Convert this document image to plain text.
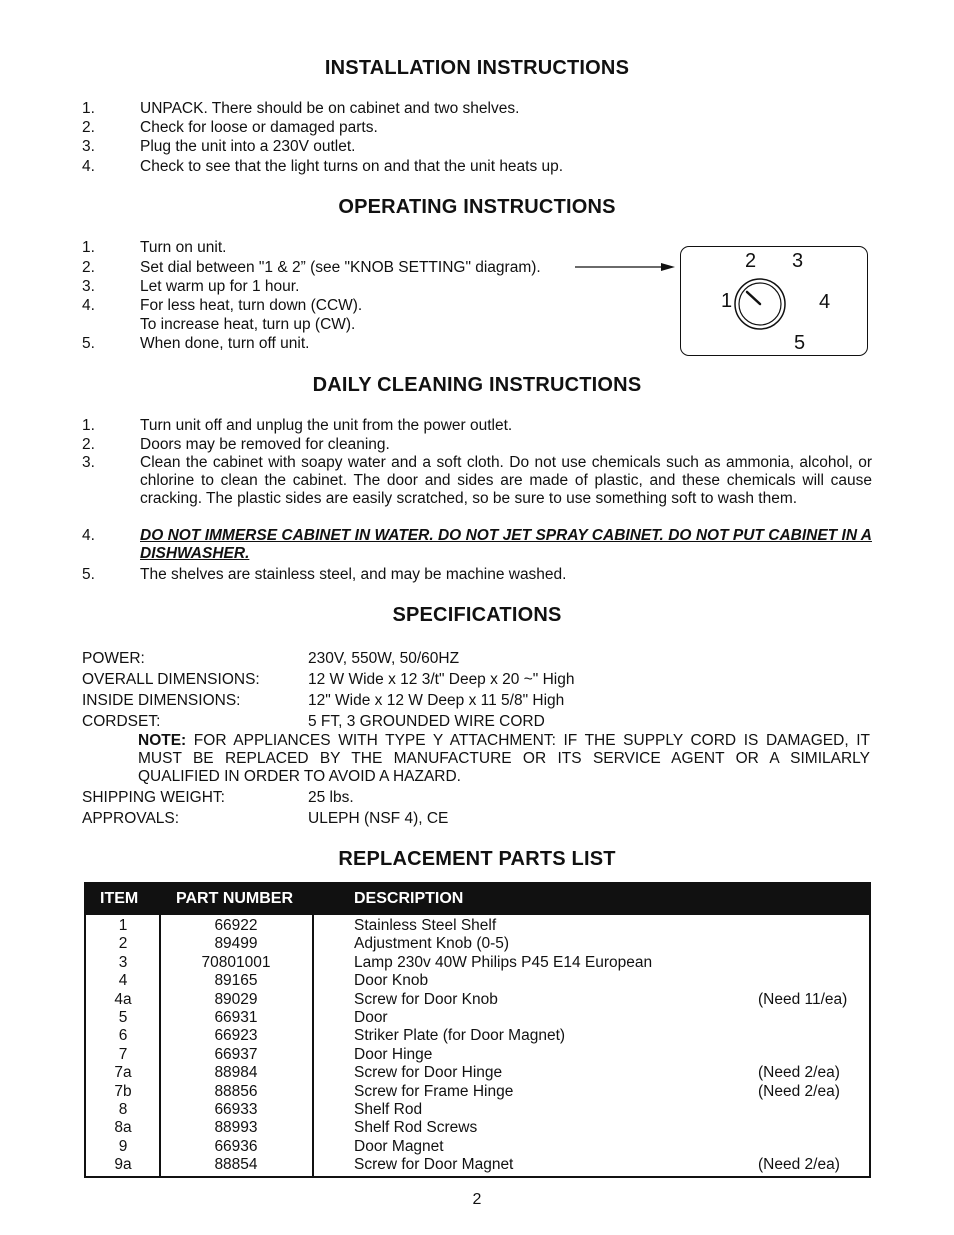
INSTALLATION INSTRUCTIONS
1.	UNPACK. There should be on cabinet and two shelves.
2.	Check for loose or damaged parts.
3.	Plug the unit into a 230V outlet.
4.	Check to see that the light turns on and that the unit heats up.
OPERATING INSTRUCTIONS
1.	Turn on unit.
2.	Set dial between "1 & 2” (see "KNOB SETTING" diagram).
3.	Let warm up for 1 hour.
4.	For less heat, turn down (CCW).
To increase heat, turn up (CW).
5.	When done, turn off unit.
2 3
1	4
5
DAILY CLEANING INSTRUCTIONS
1.	Turn unit off and unplug the unit from the power outlet.
2.	Doors may be removed for cleaning.
3.	Clean the cabinet with soapy water and a soft cloth. Do not use chemicals such as ammonia, alcohol, or chlorine to clean the cabinet. The door and sides are made of plastic, and these chemicals will cause cracking. The plastic sides are easily scratched, so be sure to use something soft to wash them.
4.	DO NOT IMMERSE CABINET IN WATER. DO NOT JET SPRAY CABINET. DO NOT PUT CABINET IN A DISHWASHER.
5.	The shelves are stainless steel, and may be machine washed.
SPECIFICATIONS
POWER:	230V, 550W, 50/60HZ
OVERALL DIMENSIONS:	12 W Wide x 12 3/t" Deep x 20 ~" High
INSIDE DIMENSIONS:	12" Wide x 12 W Deep x 11 5/8" High
CORDSET:	5 FT, 3 GROUNDED WIRE CORD
NOTE: FOR APPLIANCES WITH TYPE Y ATTACHMENT: IF THE SUPPLY CORD IS DAMAGED, IT MUST BE REPLACED BY THE MANUFACTURE OR ITS SERVICE AGENT OR A SIMILARLY QUALIFIED IN ORDER TO AVOID A HAZARD.
SHIPPING WEIGHT:	25 lbs.
APPROVALS:	ULEPH (NSF 4), CE
REPLACEMENT PARTS LIST
ITEM PART NUMBER	DESCRIPTION
1	66922	Stainless Steel Shelf
2	89499	Adjustment Knob (0-5)
3	70801001	Lamp 230v 40W Philips P45 E14 European
4	89165	Door Knob
4a	89029	Screw for Door Knob	(Need 11/ea)
5	66931	Door
6	66923	Striker Plate (for Door Magnet)
7	66937	Door Hinge
7a	88984	Screw for Door Hinge	(Need 2/ea)
7b	88856	Screw for Frame Hinge	(Need 2/ea)
8	66933	Shelf Rod
8a	88993	Shelf Rod Screws
9	66936	Door Magnet
9a	88854	Screw for Door Magnet	(Need 2/ea)
2
